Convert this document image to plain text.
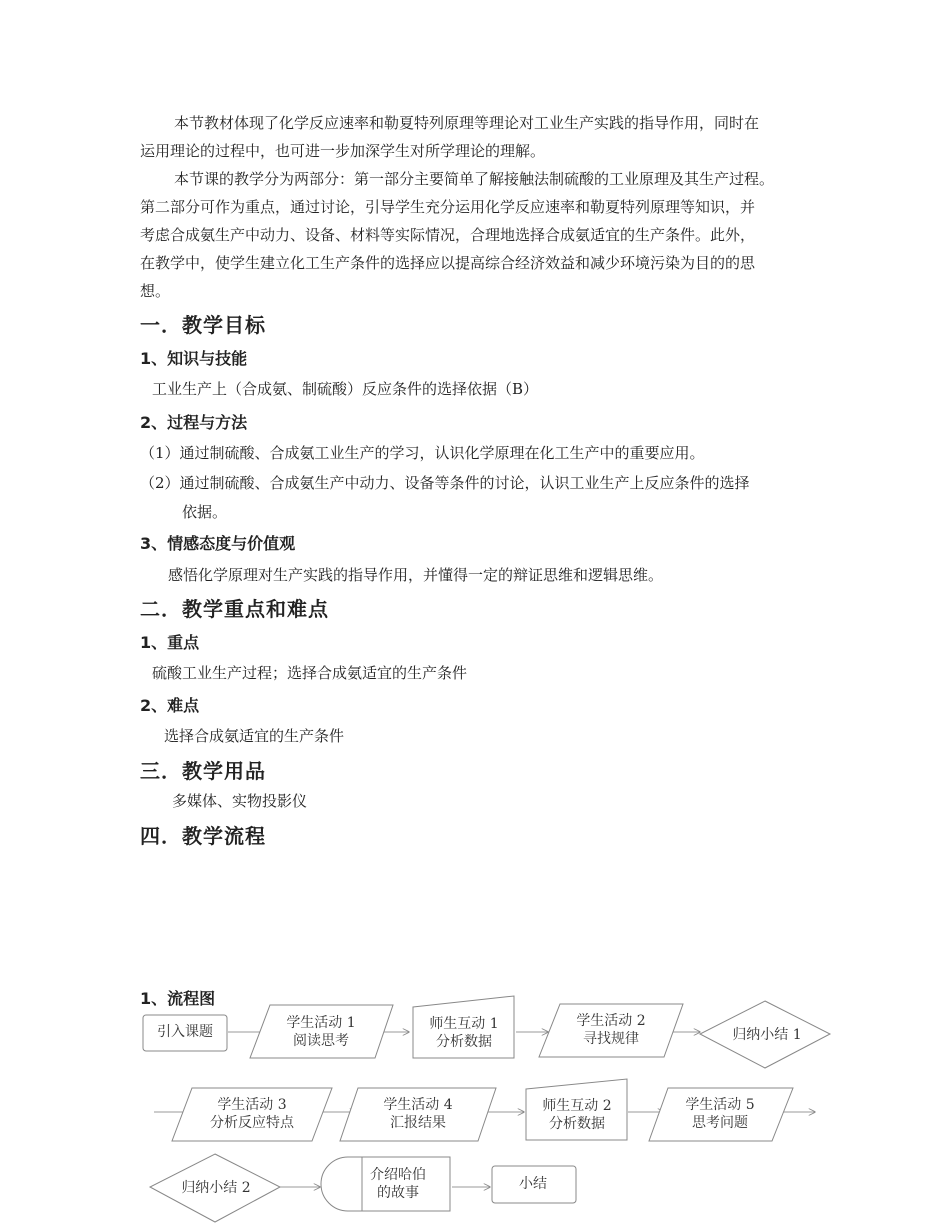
本节教材体现了化学反应速率和勒夏特列原理等理论对工业生产实践的指导作用，同时在
运用理论的过程中，也可进一步加深学生对所学理论的理解。
本节课的教学分为两部分：第一部分主要简单了解接触法制硫酸的工业原理及其生产过程。
第二部分可作为重点，通过讨论，引导学生充分运用化学反应速率和勒夏特列原理等知识，并
考虑合成氨生产中动力、设备、材料等实际情况，合理地选择合成氨适宜的生产条件。此外，
在教学中，使学生建立化工生产条件的选择应以提高综合经济效益和减少环境污染为目的的思
想。
一．教学目标
1、知识与技能
工业生产上（合成氨、制硫酸）反应条件的选择依据（B）
2、过程与方法
（1）通过制硫酸、合成氨工业生产的学习，认识化学原理在化工生产中的重要应用。
（2）通过制硫酸、合成氨生产中动力、设备等条件的讨论，认识工业生产上反应条件的选择
依据。
3、情感态度与价值观
感悟化学原理对生产实践的指导作用，并懂得一定的辩证思维和逻辑思维。
二．教学重点和难点
1、重点
硫酸工业生产过程；选择合成氨适宜的生产条件
2、难点
选择合成氨适宜的生产条件
三．教学用品
多媒体、实物投影仪
四．教学流程
1、流程图
引入课题
学生活动 1
阅读思考
师生互动 1
分析数据
学生活动 2
寻找规律	归纳小结 1
学生活动 3
分析反应特点
学生活动 4
汇报结果
师生互动 2
分析数据
学生活动 5
思考问题
归纳小结 2
介绍哈伯
的故事
小结
